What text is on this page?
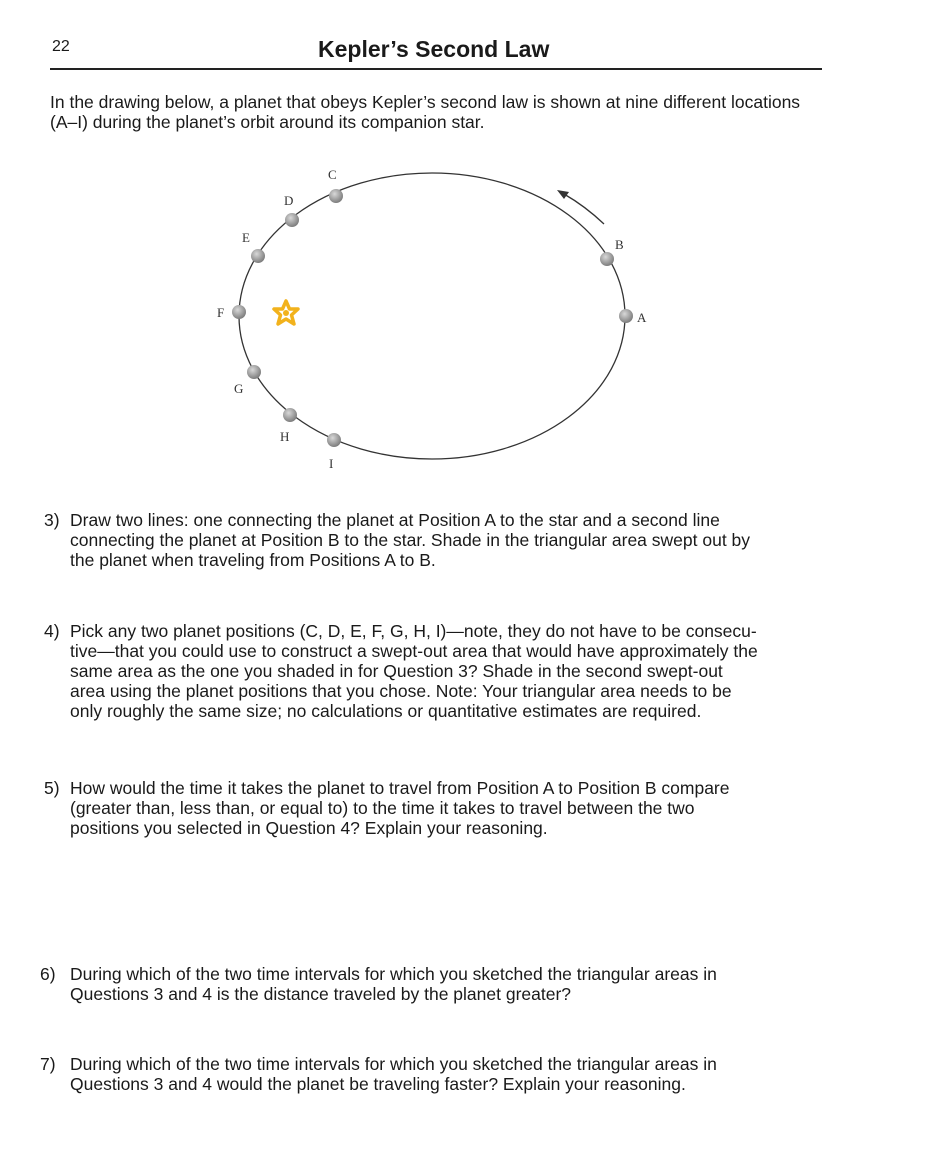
22	Kepler’s Second Law
In the drawing below, a planet that obeys Kepler’s second law is shown at nine different locations (A–I) during the planet’s orbit around its companion star.
A
B
C
D
E
F
G
H
I
3) Draw two lines: one connecting the planet at Position A to the star and a second line
connecting the planet at Position B to the star. Shade in the triangular area swept out by
the planet when traveling from Positions A to B.
4) Pick any two planet positions (C, D, E, F, G, H, I)—note, they do not have to be consecu-
tive—that you could use to construct a swept-out area that would have approximately the
same area as the one you shaded in for Question 3? Shade in the second swept-out
area using the planet positions that you chose. Note: Your triangular area needs to be
only roughly the same size; no calculations or quantitative estimates are required.
5) How would the time it takes the planet to travel from Position A to Position B compare
(greater than, less than, or equal to) to the time it takes to travel between the two
positions you selected in Question 4? Explain your reasoning.
6) During which of the two time intervals for which you sketched the triangular areas in
Questions 3 and 4 is the distance traveled by the planet greater?
7) During which of the two time intervals for which you sketched the triangular areas in
Questions 3 and 4 would the planet be traveling faster? Explain your reasoning.
